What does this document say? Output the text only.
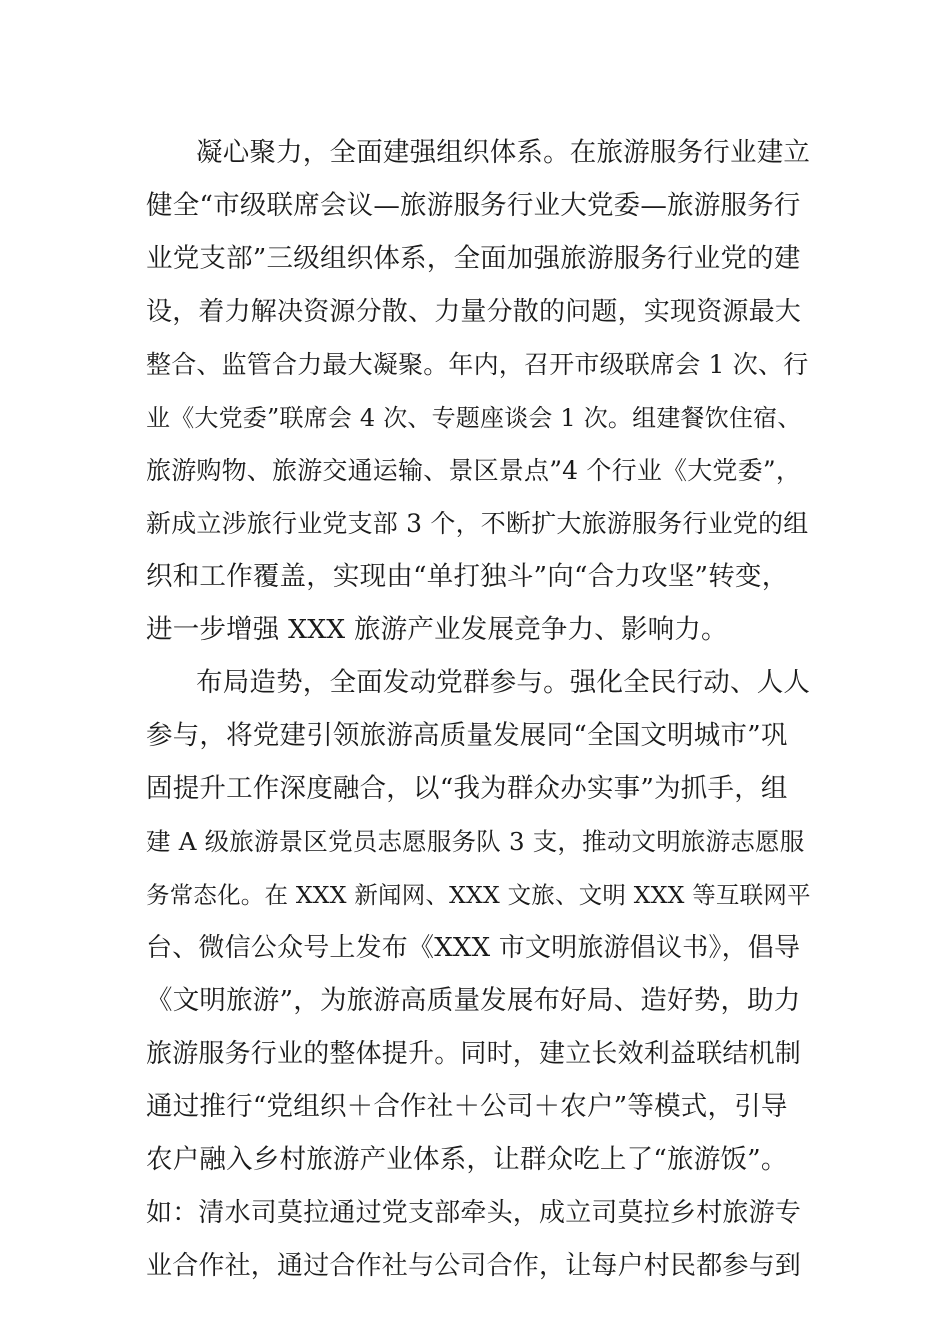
凝心聚力，全面建强组织体系。在旅游服务行业建立
健全“市级联席会议—旅游服务行业大党委—旅游服务行
业党支部”三级组织体系，全面加强旅游服务行业党的建
设，着力解决资源分散、力量分散的问题，实现资源最大
整合、监管合力最大凝聚。年内，召开市级联席会 1 次、行
业《大党委”联席会 4 次、专题座谈会 1 次。组建餐饮住宿、
旅游购物、旅游交通运输、景区景点”4 个行业《大党委”，
新成立涉旅行业党支部 3 个，不断扩大旅游服务行业党的组
织和工作覆盖，实现由“单打独斗”向“合力攻坚”转变，
进一步增强 XXX 旅游产业发展竞争力、影响力。
布局造势，全面发动党群参与。强化全民行动、人人
参与，将党建引领旅游高质量发展同“全国文明城市”巩
固提升工作深度融合，以“我为群众办实事”为抓手，组
建 A 级旅游景区党员志愿服务队 3 支，推动文明旅游志愿服
务常态化。在 XXX 新闻网、XXX 文旅、文明 XXX 等互联网平
台、微信公众号上发布《XXX 市文明旅游倡议书》，倡导
《文明旅游”，为旅游高质量发展布好局、造好势，助力
旅游服务行业的整体提升。同时，建立长效利益联结机制
通过推行“党组织＋合作社＋公司＋农户”等模式，引导
农户融入乡村旅游产业体系，让群众吃上了“旅游饭”。
如：清水司莫拉通过党支部牵头，成立司莫拉乡村旅游专
业合作社，通过合作社与公司合作，让每户村民都参与到
